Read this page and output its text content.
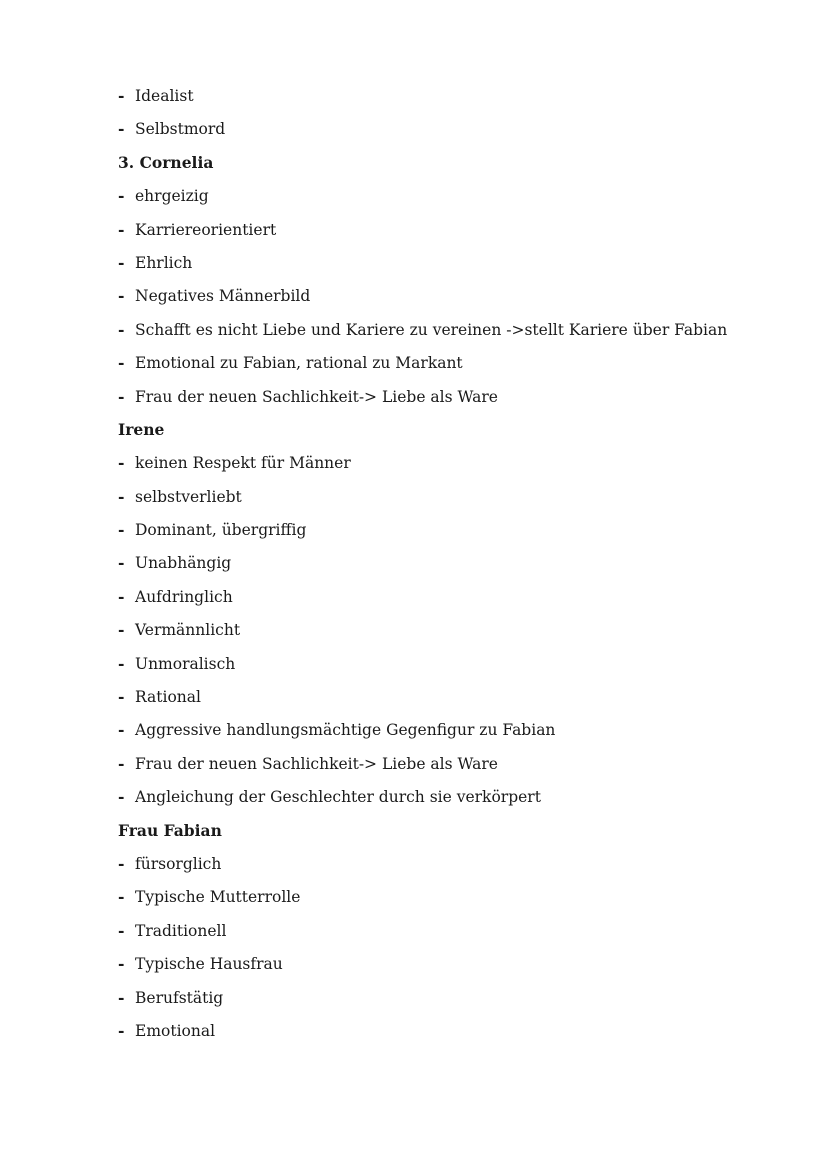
- Idealist
- Selbstmord
3. Cornelia
- ehrgeizig
- Karriereorientiert
- Ehrlich
- Negatives Männerbild
- Schafft es nicht Liebe und Kariere zu vereinen ->stellt Kariere über Fabian
- Emotional zu Fabian, rational zu Markant
- Frau der neuen Sachlichkeit-> Liebe als Ware
Irene
- keinen Respekt für Männer
- selbstverliebt
- Dominant, übergriffig
- Unabhängig
- Aufdringlich
- Vermännlicht
- Unmoralisch
- Rational
- Aggressive handlungsmächtige Gegenfigur zu Fabian
- Frau der neuen Sachlichkeit-> Liebe als Ware
- Angleichung der Geschlechter durch sie verkörpert
Frau Fabian
- fürsorglich
- Typische Mutterrolle
- Traditionell
- Typische Hausfrau
- Berufstätig
- Emotional
